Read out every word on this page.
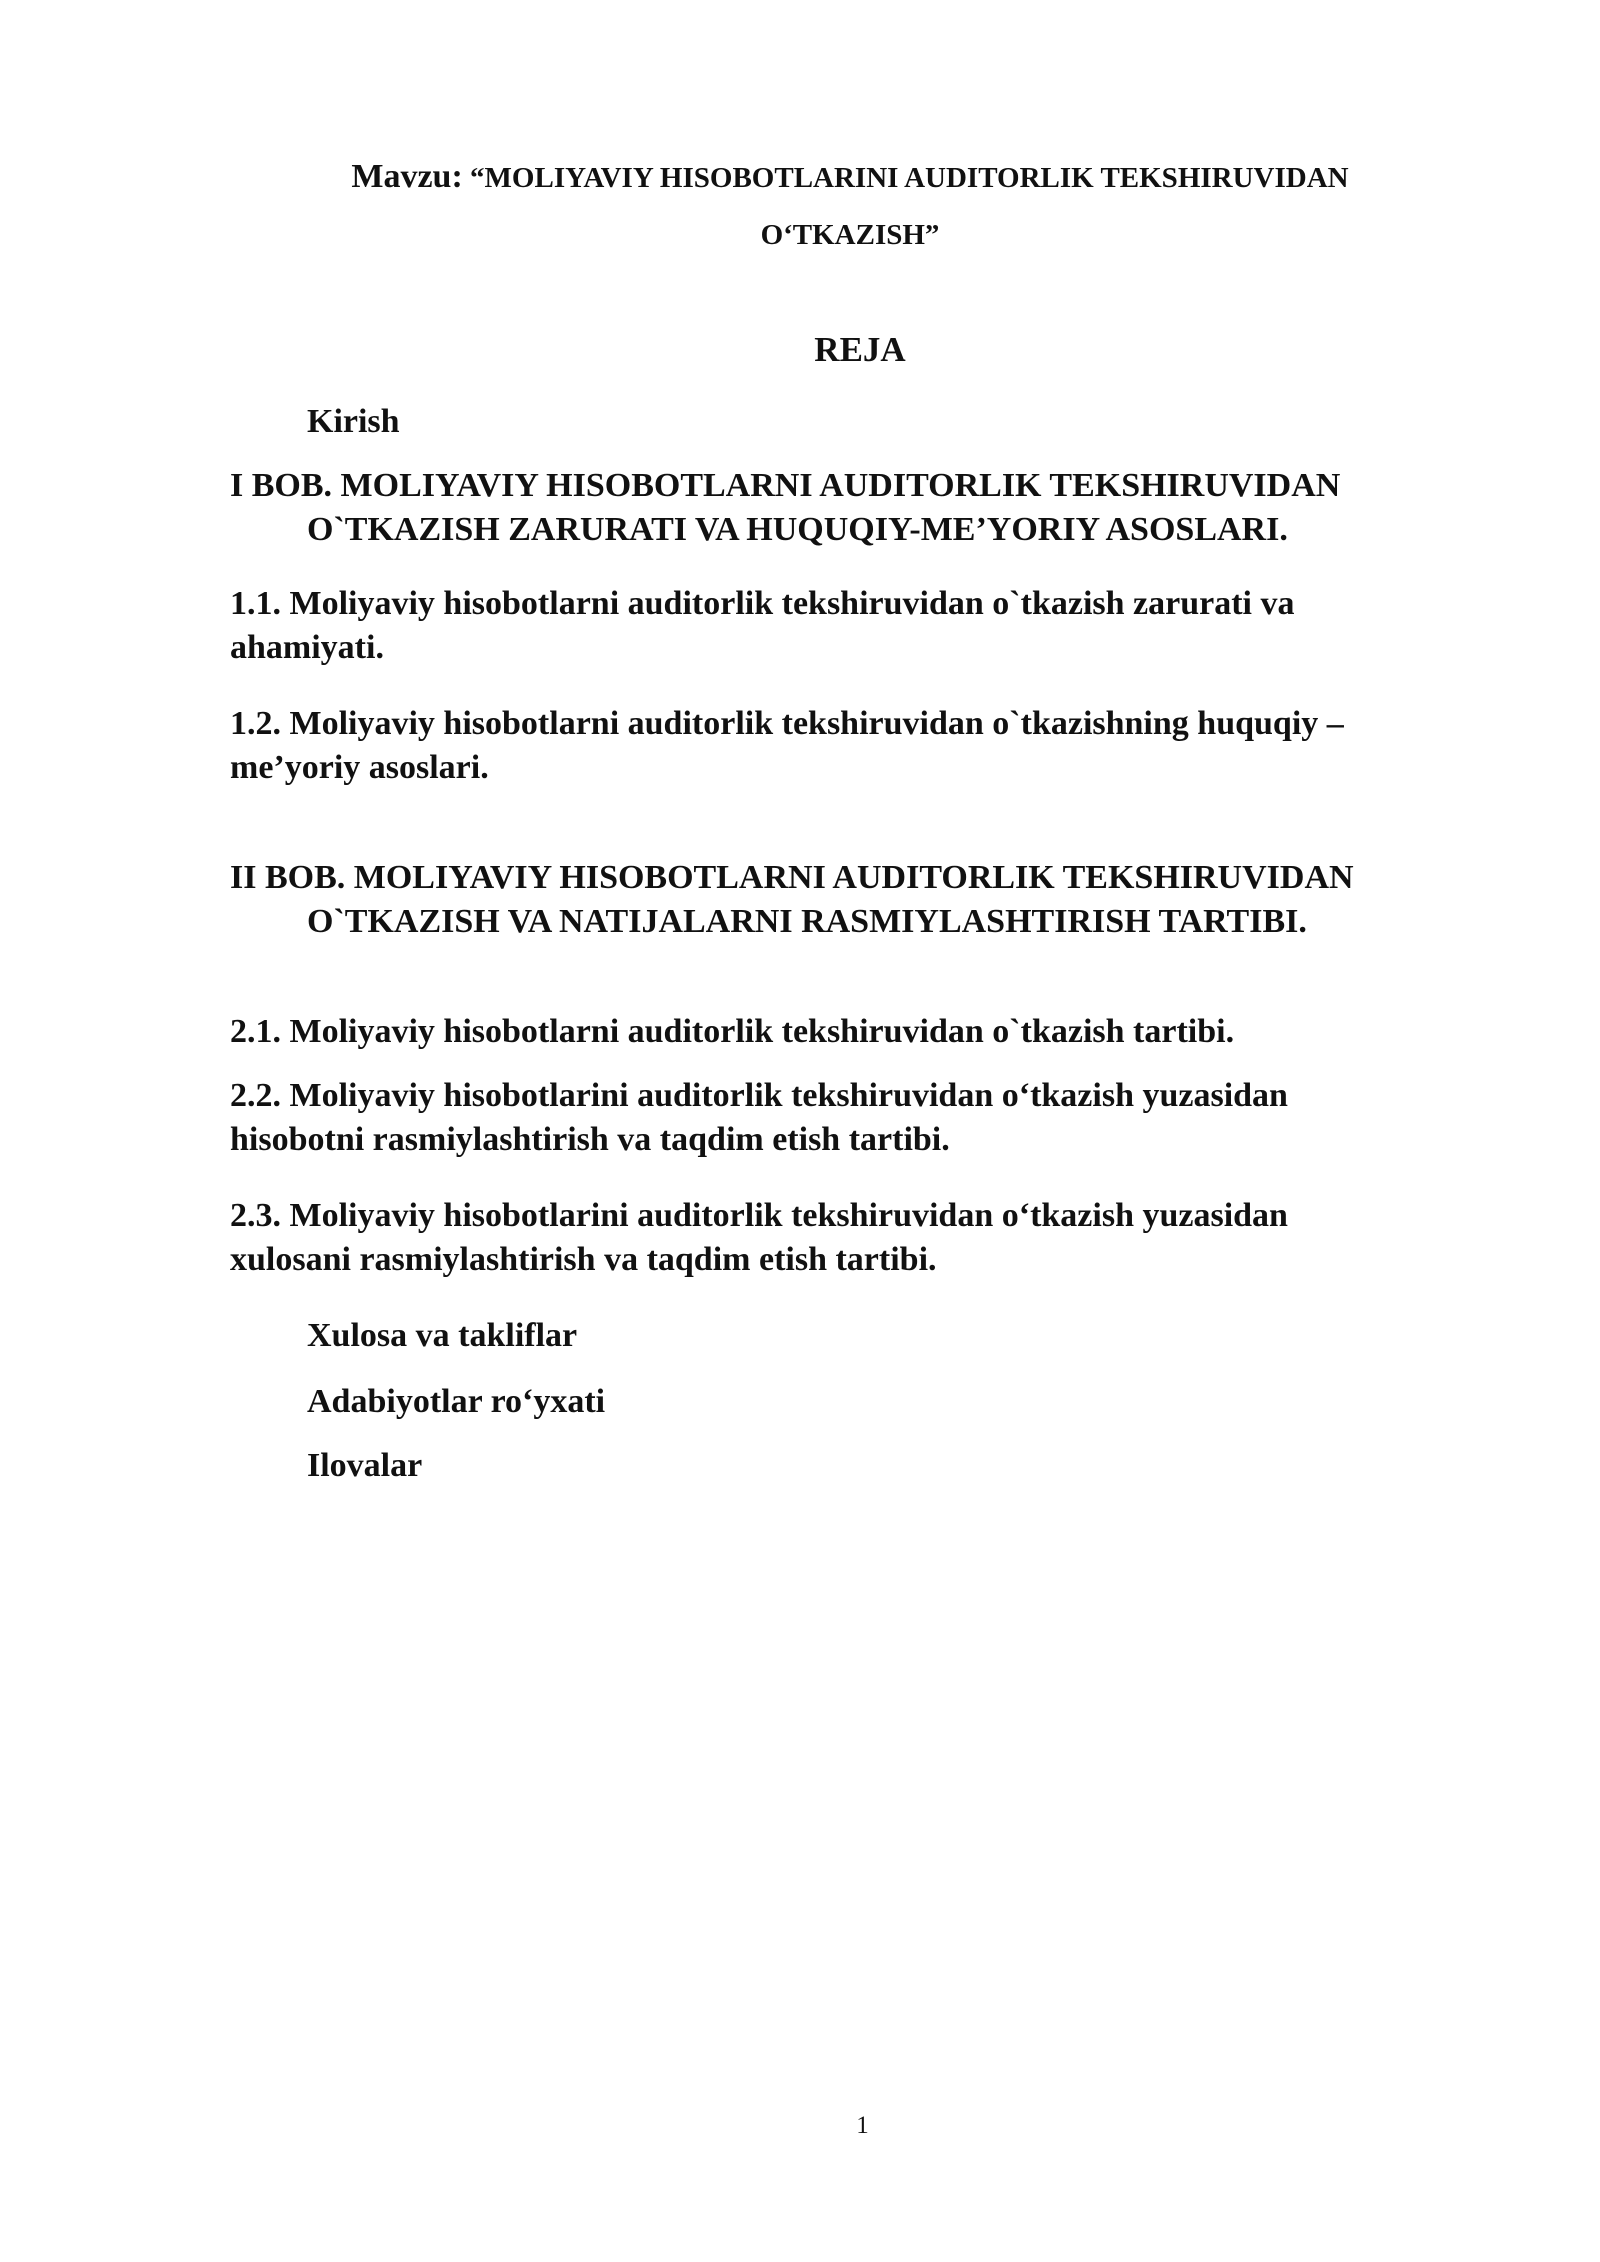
Mavzu: “MOLIYAVIY HISOBOTLARINI AUDITORLIK TEKSHIRUVIDAN
O‘TKAZISH”
REJA
Kirish
I BOB. MOLIYAVIY HISOBOTLARNI AUDITORLIK TEKSHIRUVIDAN
O`TKAZISH ZARURATI VA HUQUQIY-ME’YORIY ASOSLARI.
1.1. Moliyaviy hisobotlarni auditorlik tekshiruvidan o`tkazish zarurati va
ahamiyati.
1.2. Moliyaviy hisobotlarni auditorlik tekshiruvidan o`tkazishning huquqiy –
me’yoriy asoslari.
II BOB. MOLIYAVIY HISOBOTLARNI AUDITORLIK TEKSHIRUVIDAN
O`TKAZISH VA NATIJALARNI RASMIYLASHTIRISH TARTIBI.
2.1. Moliyaviy hisobotlarni auditorlik tekshiruvidan o`tkazish tartibi.
2.2. Moliyaviy hisobotlarini auditorlik tekshiruvidan o‘tkazish yuzasidan
hisobotni rasmiylashtirish va taqdim etish tartibi.
2.3. Moliyaviy hisobotlarini auditorlik tekshiruvidan o‘tkazish yuzasidan
xulosani rasmiylashtirish va taqdim etish tartibi.
Xulosa va takliflar
Adabiyotlar ro‘yxati
Ilovalar
1
